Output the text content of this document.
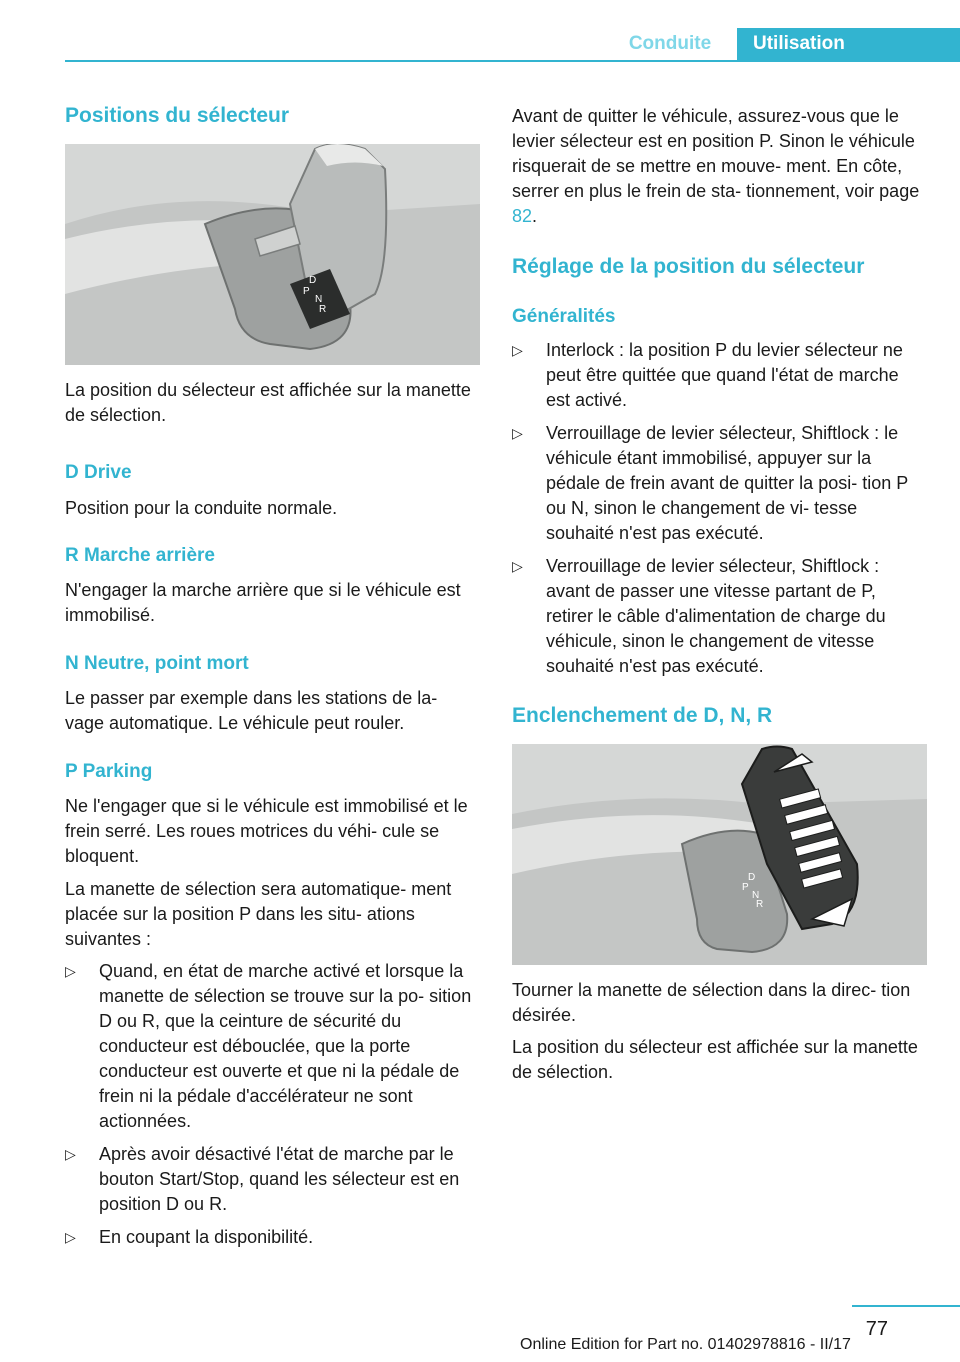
Conduite	Utilisation
Positions du sélecteur
D
P
N
R

La position du sélecteur est affichée sur la manette de sélection.

D Drive

Position pour la conduite normale.

R Marche arrière

N'engager la marche arrière que si le véhicule est immobilisé.

N Neutre, point mort

Le passer par exemple dans les stations de la- vage automatique. Le véhicule peut rouler.

P Parking

Ne l'engager que si le véhicule est immobilisé et le frein serré. Les roues motrices du véhi- cule se bloquent.

La manette de sélection sera automatique- ment placée sur la position P dans les situ- ations suivantes :

▷ Quand, en état de marche activé et lorsque la manette de sélection se trouve sur la po- sition D ou R, que la ceinture de sécurité du conducteur est débouclée, que la porte conducteur est ouverte et que ni la pédale de frein ni la pédale d'accélérateur ne sont actionnées.
▷ Après avoir désactivé l'état de marche par le bouton Start/Stop, quand les sélecteur est en position D ou R.
▷ En coupant la disponibilité.

Avant de quitter le véhicule, assurez-vous que le levier sélecteur est en position P. Sinon le véhicule risquerait de se mettre en mouve- ment. En côte, serrer en plus le frein de sta- tionnement, voir page 82.

Réglage de la position du sélecteur
Généralités
▷ Interlock : la position P du levier sélecteur ne peut être quittée que quand l'état de marche est activé.
▷ Verrouillage de levier sélecteur, Shiftlock : le véhicule étant immobilisé, appuyer sur la pédale de frein avant de quitter la posi- tion P ou N, sinon le changement de vi- tesse souhaité n'est pas exécuté.
▷ Verrouillage de levier sélecteur, Shiftlock : avant de passer une vitesse partant de P, retirer le câble d'alimentation de charge du véhicule, sinon le changement de vitesse souhaité n'est pas exécuté.
Enclenchement de D, N, R
D
P
N
R

Tourner la manette de sélection dans la direc- tion désirée.

La position du sélecteur est affichée sur la manette de sélection.

77
Online Edition for Part no. 01402978816 - II/17
